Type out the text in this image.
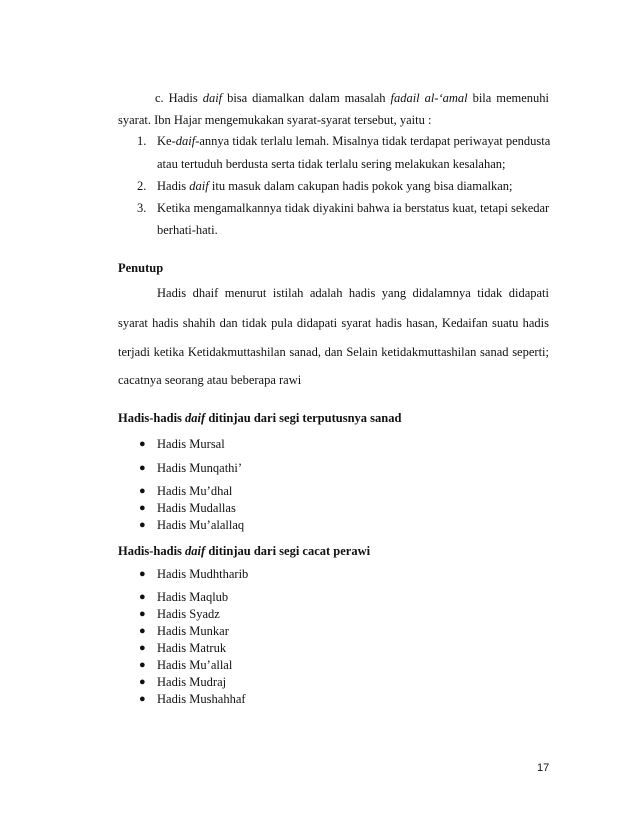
c. Hadis daif bisa diamalkan dalam masalah fadail al-‘amal bila memenuhi
syarat. Ibn Hajar mengemukakan syarat-syarat tersebut, yaitu :
1. Ke-daif-annya tidak terlalu lemah. Misalnya tidak terdapat periwayat pendusta
atau tertuduh berdusta serta tidak terlalu sering melakukan kesalahan;
2. Hadis daif itu masuk dalam cakupan hadis pokok yang bisa diamalkan;
3. Ketika mengamalkannya tidak diyakini bahwa ia berstatus kuat, tetapi sekedar
berhati-hati.
Penutup
Hadis dhaif menurut istilah adalah hadis yang didalamnya tidak didapati
syarat hadis shahih dan tidak pula didapati syarat hadis hasan, Kedaifan suatu hadis
terjadi ketika Ketidakmuttashilan sanad, dan Selain ketidakmuttashilan sanad seperti;
cacatnya seorang atau beberapa rawi
Hadis-hadis daif ditinjau dari segi terputusnya sanad
● Hadis Mursal
● Hadis Munqathi’
● Hadis Mu’dhal
● Hadis Mudallas
● Hadis Mu’alallaq
Hadis-hadis daif ditinjau dari segi cacat perawi
● Hadis Mudhtharib
● Hadis Maqlub
● Hadis Syadz
● Hadis Munkar
● Hadis Matruk
● Hadis Mu’allal
● Hadis Mudraj
● Hadis Mushahhaf
17
